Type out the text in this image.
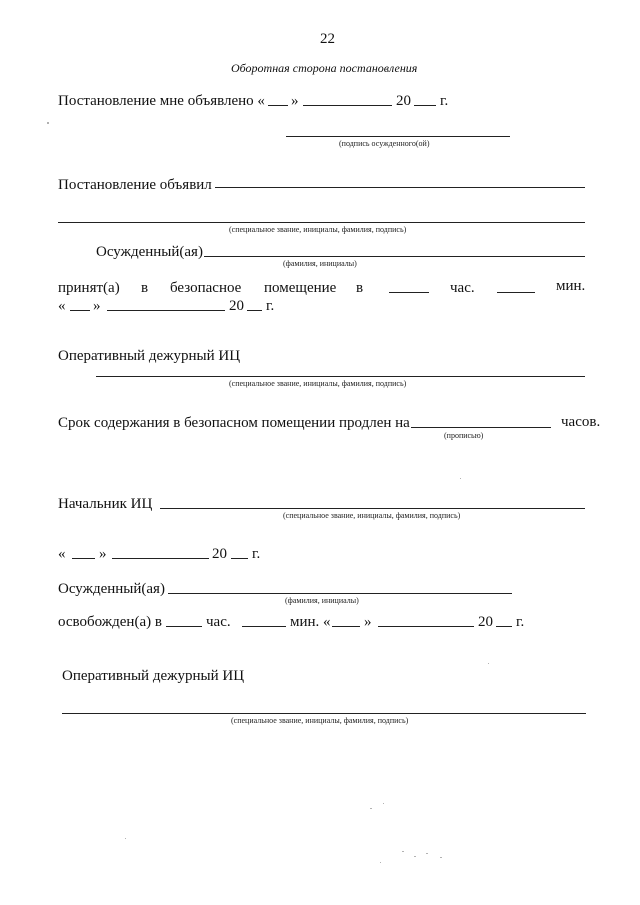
22
Оборотная сторона постановления
Постановление мне объявлено « »	20 г.
(подпись осужденного(ой)
Постановление объявил
(специальное звание, инициалы, фамилия, подпись)
Осужденный(ая)
(фамилия, инициалы)
принят(а) в безопасное помещение в	час.	мин.
« »	20 г.
Оперативный дежурный ИЦ
(специальное звание, инициалы, фамилия, подпись)
Срок содержания в безопасном помещении продлен на	часов.
(прописью)
Начальник ИЦ
(специальное звание, инициалы, фамилия, подпись)
« »	20 г.
Осужденный(ая)
(фамилия, инициалы)
освобожден(а) в	час.	мин. « »	20 г.
Оперативный дежурный ИЦ
(специальное звание, инициалы, фамилия, подпись)
